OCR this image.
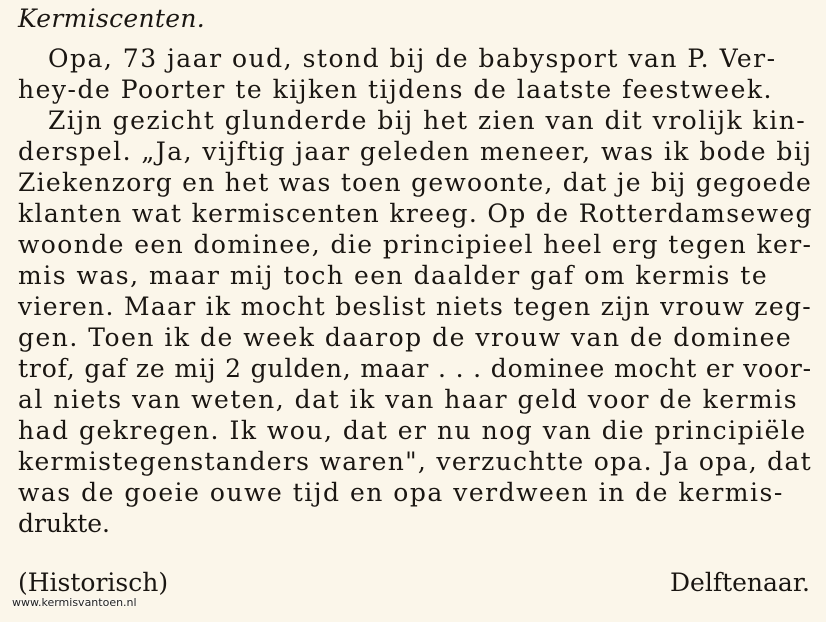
Kermiscenten.
Opa, 73 jaar oud, stond bij de babysport van P. Ver-
hey-de Poorter te kijken tijdens de laatste feestweek.
Zijn gezicht glunderde bij het zien van dit vrolijk kin-
derspel. „Ja, vijftig jaar geleden meneer, was ik bode bij
Ziekenzorg en het was toen gewoonte, dat je bij gegoede
klanten wat kermiscenten kreeg. Op de Rotterdamseweg
woonde een dominee, die principieel heel erg tegen ker-
mis was, maar mij toch een daalder gaf om kermis te
vieren. Maar ik mocht beslist niets tegen zijn vrouw zeg-
gen. Toen ik de week daarop de vrouw van de dominee
trof, gaf ze mij 2 gulden, maar . . . dominee mocht er voor-
al niets van weten, dat ik van haar geld voor de kermis
had gekregen. Ik wou, dat er nu nog van die principiële
kermistegenstanders waren", verzuchtte opa. Ja opa, dat
was de goeie ouwe tijd en opa verdween in de kermis-
drukte.
(Historisch)	Delftenaar.
www.kermisvantoen.nl
